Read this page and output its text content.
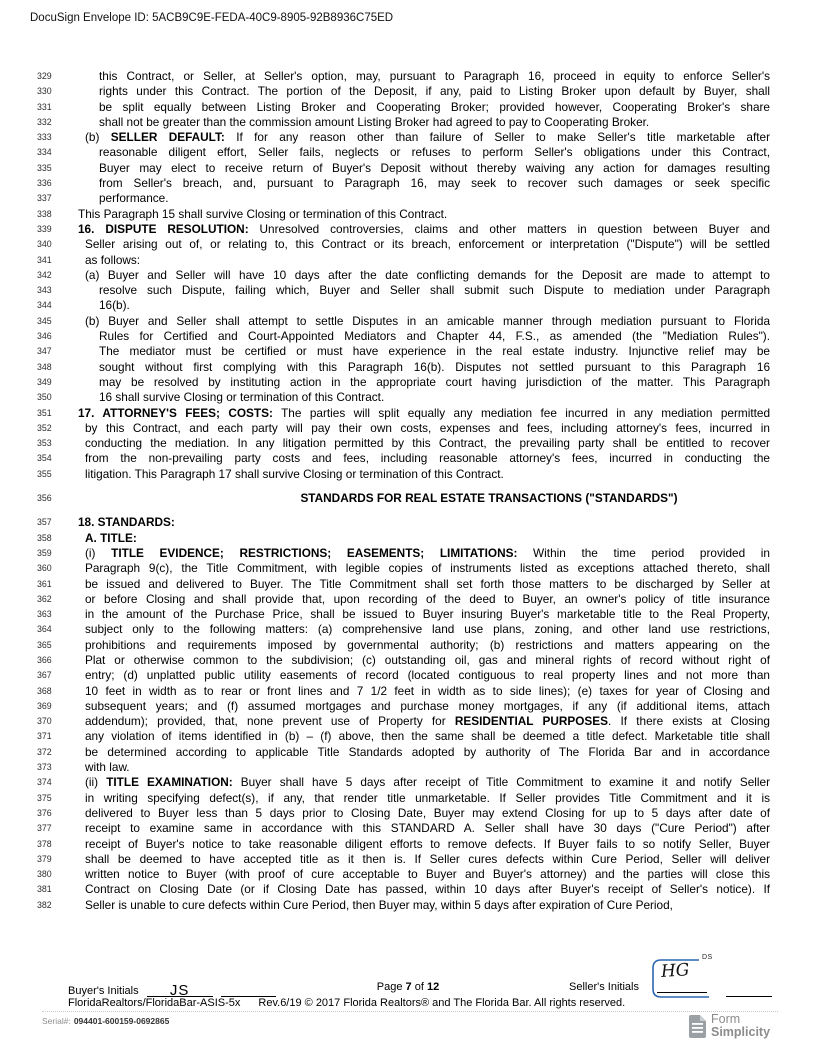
DocuSign Envelope ID: 5ACB9C9E-FEDA-40C9-8905-92B8936C75ED
329	this Contract, or Seller, at Seller's option, may, pursuant to Paragraph 16, proceed in equity to enforce Seller's
330	rights under this Contract. The portion of the Deposit, if any, paid to Listing Broker upon default by Buyer, shall
331	be split equally between Listing Broker and Cooperating Broker; provided however, Cooperating Broker's share
332	shall not be greater than the commission amount Listing Broker had agreed to pay to Cooperating Broker.
333	(b) SELLER DEFAULT: If for any reason other than failure of Seller to make Seller's title marketable after
334	reasonable diligent effort, Seller fails, neglects or refuses to perform Seller's obligations under this Contract,
335	Buyer may elect to receive return of Buyer's Deposit without thereby waiving any action for damages resulting
336	from Seller's breach, and, pursuant to Paragraph 16, may seek to recover such damages or seek specific
337	performance.
338 This Paragraph 15 shall survive Closing or termination of this Contract.
339 16. DISPUTE RESOLUTION: Unresolved controversies, claims and other matters in question between Buyer and
340	Seller arising out of, or relating to, this Contract or its breach, enforcement or interpretation ("Dispute") will be settled
341	as follows:
342	(a) Buyer and Seller will have 10 days after the date conflicting demands for the Deposit are made to attempt to
343	resolve such Dispute, failing which, Buyer and Seller shall submit such Dispute to mediation under Paragraph
344	16(b).
345	(b) Buyer and Seller shall attempt to settle Disputes in an amicable manner through mediation pursuant to Florida
346	Rules for Certified and Court-Appointed Mediators and Chapter 44, F.S., as amended (the "Mediation Rules").
347	The mediator must be certified or must have experience in the real estate industry. Injunctive relief may be
348	sought without first complying with this Paragraph 16(b). Disputes not settled pursuant to this Paragraph 16
349	may be resolved by instituting action in the appropriate court having jurisdiction of the matter. This Paragraph
350	16 shall survive Closing or termination of this Contract.
351 17. ATTORNEY'S FEES; COSTS: The parties will split equally any mediation fee incurred in any mediation permitted
352	by this Contract, and each party will pay their own costs, expenses and fees, including attorney's fees, incurred in
353	conducting the mediation. In any litigation permitted by this Contract, the prevailing party shall be entitled to recover
354	from the non-prevailing party costs and fees, including reasonable attorney's fees, incurred in conducting the
355	litigation. This Paragraph 17 shall survive Closing or termination of this Contract.
356	STANDARDS FOR REAL ESTATE TRANSACTIONS ("STANDARDS")
357 18. STANDARDS:
358	A. TITLE:
359	(i) TITLE EVIDENCE; RESTRICTIONS; EASEMENTS; LIMITATIONS: Within the time period provided in
360	Paragraph 9(c), the Title Commitment, with legible copies of instruments listed as exceptions attached thereto, shall
361	be issued and delivered to Buyer. The Title Commitment shall set forth those matters to be discharged by Seller at
362	or before Closing and shall provide that, upon recording of the deed to Buyer, an owner's policy of title insurance
363	in the amount of the Purchase Price, shall be issued to Buyer insuring Buyer's marketable title to the Real Property,
364	subject only to the following matters: (a) comprehensive land use plans, zoning, and other land use restrictions,
365	prohibitions and requirements imposed by governmental authority; (b) restrictions and matters appearing on the
366	Plat or otherwise common to the subdivision; (c) outstanding oil, gas and mineral rights of record without right of
367	entry; (d) unplatted public utility easements of record (located contiguous to real property lines and not more than
368	10 feet in width as to rear or front lines and 7 1/2 feet in width as to side lines); (e) taxes for year of Closing and
369	subsequent years; and (f) assumed mortgages and purchase money mortgages, if any (if additional items, attach
370	addendum); provided, that, none prevent use of Property for RESIDENTIAL PURPOSES. If there exists at Closing
371	any violation of items identified in (b) – (f) above, then the same shall be deemed a title defect. Marketable title shall
372	be determined according to applicable Title Standards adopted by authority of The Florida Bar and in accordance
373	with law.
374	(ii) TITLE EXAMINATION: Buyer shall have 5 days after receipt of Title Commitment to examine it and notify Seller
375	in writing specifying defect(s), if any, that render title unmarketable. If Seller provides Title Commitment and it is
376	delivered to Buyer less than 5 days prior to Closing Date, Buyer may extend Closing for up to 5 days after date of
377	receipt to examine same in accordance with this STANDARD A. Seller shall have 30 days ("Cure Period") after
378	receipt of Buyer's notice to take reasonable diligent efforts to remove defects. If Buyer fails to so notify Seller, Buyer
379	shall be deemed to have accepted title as it then is. If Seller cures defects within Cure Period, Seller will deliver
380	written notice to Buyer (with proof of cure acceptable to Buyer and Buyer's attorney) and the parties will close this
381	Contract on Closing Date (or if Closing Date has passed, within 10 days after Buyer's receipt of Seller's notice). If
382	Seller is unable to cure defects within Cure Period, then Buyer may, within 5 days after expiration of Cure Period,
Buyer's Initials JS	Page 7 of 12	Seller's Initials
DS
HG
FloridaRealtors/FloridaBar-ASIS-5x Rev.6/19 © 2017 Florida Realtors® and The Florida Bar. All rights reserved.
Serial#: 094401-600159-0692865	Form
Simplicity
